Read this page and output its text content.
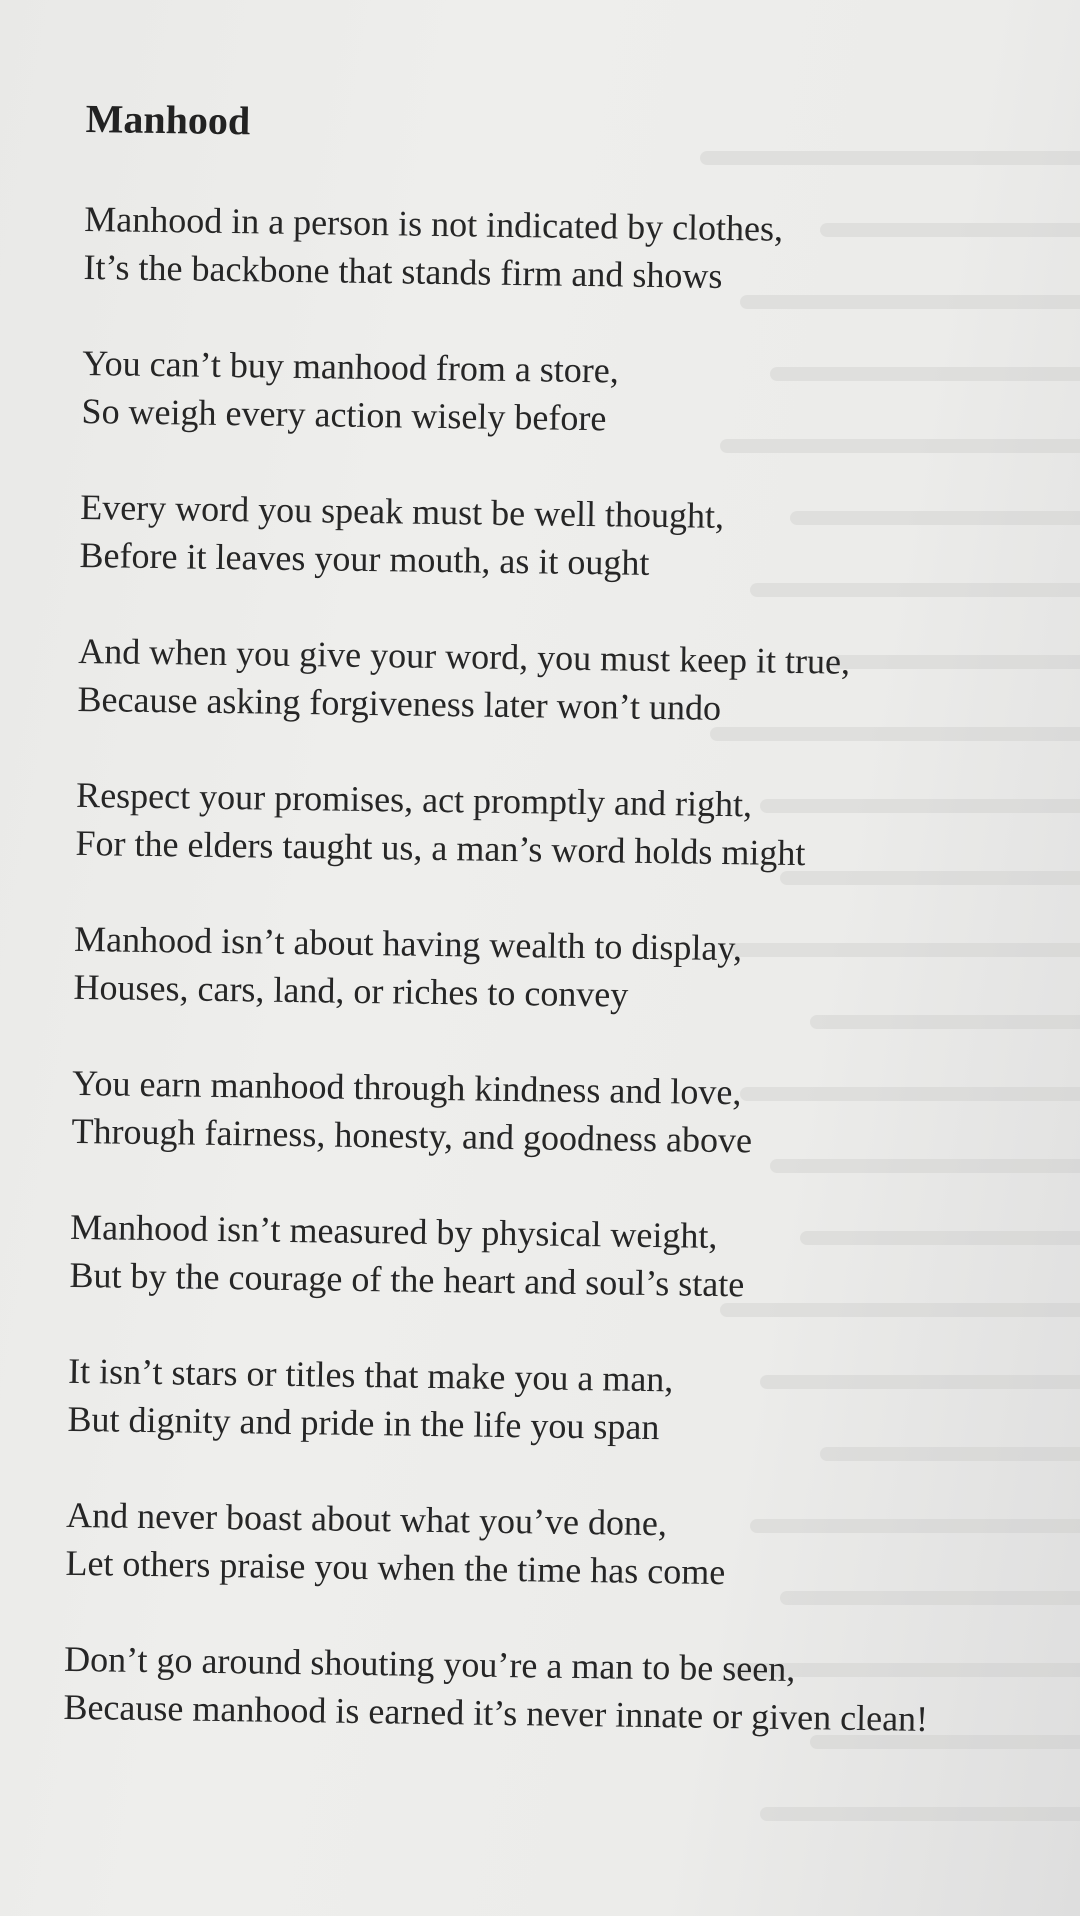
Manhood
Manhood in a person is not indicated by clothes,
It’s the backbone that stands firm and shows
You can’t buy manhood from a store,
So weigh every action wisely before
Every word you speak must be well thought,
Before it leaves your mouth, as it ought
And when you give your word, you must keep it true,
Because asking forgiveness later won’t undo
Respect your promises, act promptly and right,
For the elders taught us, a man’s word holds might
Manhood isn’t about having wealth to display,
Houses, cars, land, or riches to convey
You earn manhood through kindness and love,
Through fairness, honesty, and goodness above
Manhood isn’t measured by physical weight,
But by the courage of the heart and soul’s state
It isn’t stars or titles that make you a man,
But dignity and pride in the life you span
And never boast about what you’ve done,
Let others praise you when the time has come
Don’t go around shouting you’re a man to be seen,
Because manhood is earned it’s never innate or given clean!
